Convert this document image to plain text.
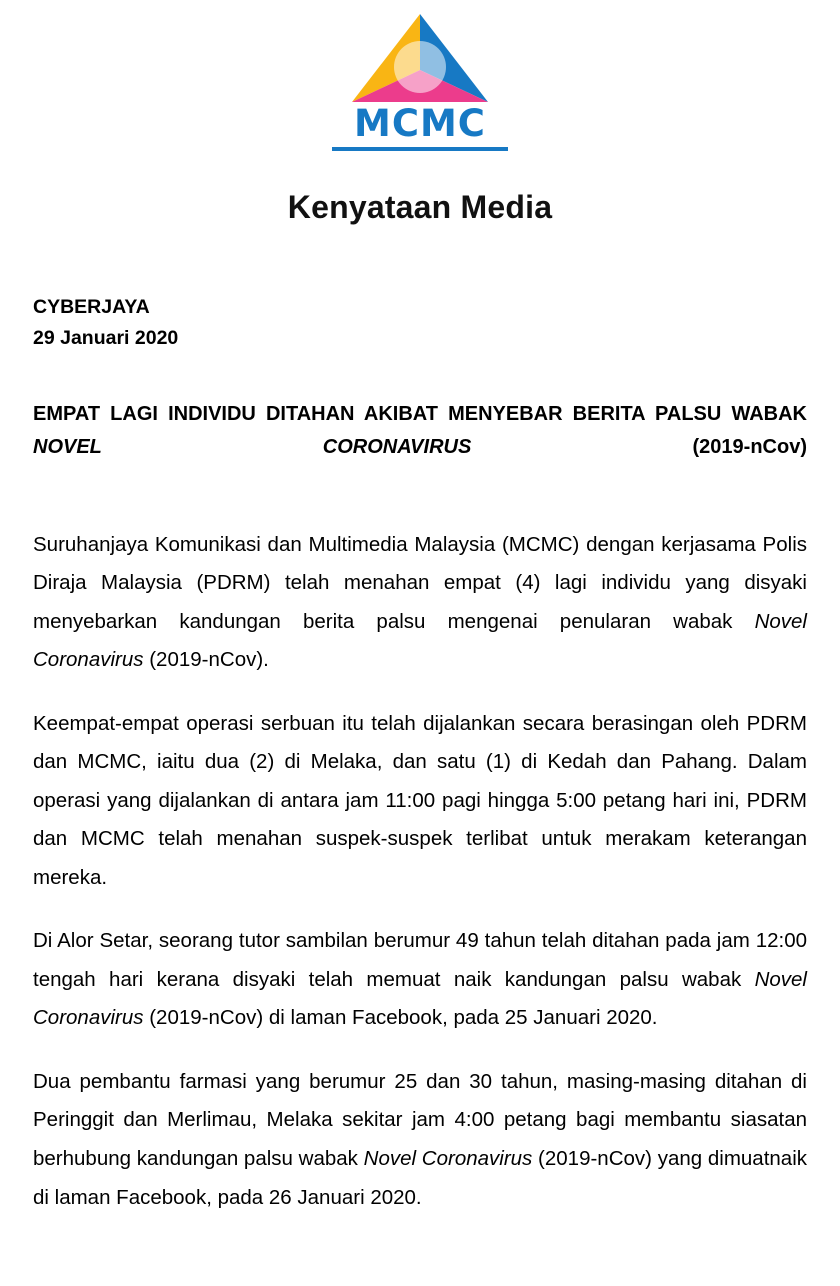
MCMC
Kenyataan Media
CYBERJAYA
29 Januari 2020
EMPAT LAGI INDIVIDU DITAHAN AKIBAT MENYEBAR BERITA PALSU WABAK NOVEL CORONAVIRUS (2019-nCov)

Suruhanjaya Komunikasi dan Multimedia Malaysia (MCMC) dengan kerjasama Polis Diraja Malaysia (PDRM) telah menahan empat (4) lagi individu yang disyaki menyebarkan kandungan berita palsu mengenai penularan wabak Novel Coronavirus (2019-nCov).

Keempat-empat operasi serbuan itu telah dijalankan secara berasingan oleh PDRM dan MCMC, iaitu dua (2) di Melaka, dan satu (1) di Kedah dan Pahang. Dalam operasi yang dijalankan di antara jam 11:00 pagi hingga 5:00 petang hari ini, PDRM dan MCMC telah menahan suspek-suspek terlibat untuk merakam keterangan mereka.

Di Alor Setar, seorang tutor sambilan berumur 49 tahun telah ditahan pada jam 12:00 tengah hari kerana disyaki telah memuat naik kandungan palsu wabak Novel Coronavirus (2019-nCov) di laman Facebook, pada 25 Januari 2020.

Dua pembantu farmasi yang berumur 25 dan 30 tahun, masing-masing ditahan di Peringgit dan Merlimau, Melaka sekitar jam 4:00 petang bagi membantu siasatan berhubung kandungan palsu wabak Novel Coronavirus (2019-nCov) yang dimuatnaik di laman Facebook, pada 26 Januari 2020.
